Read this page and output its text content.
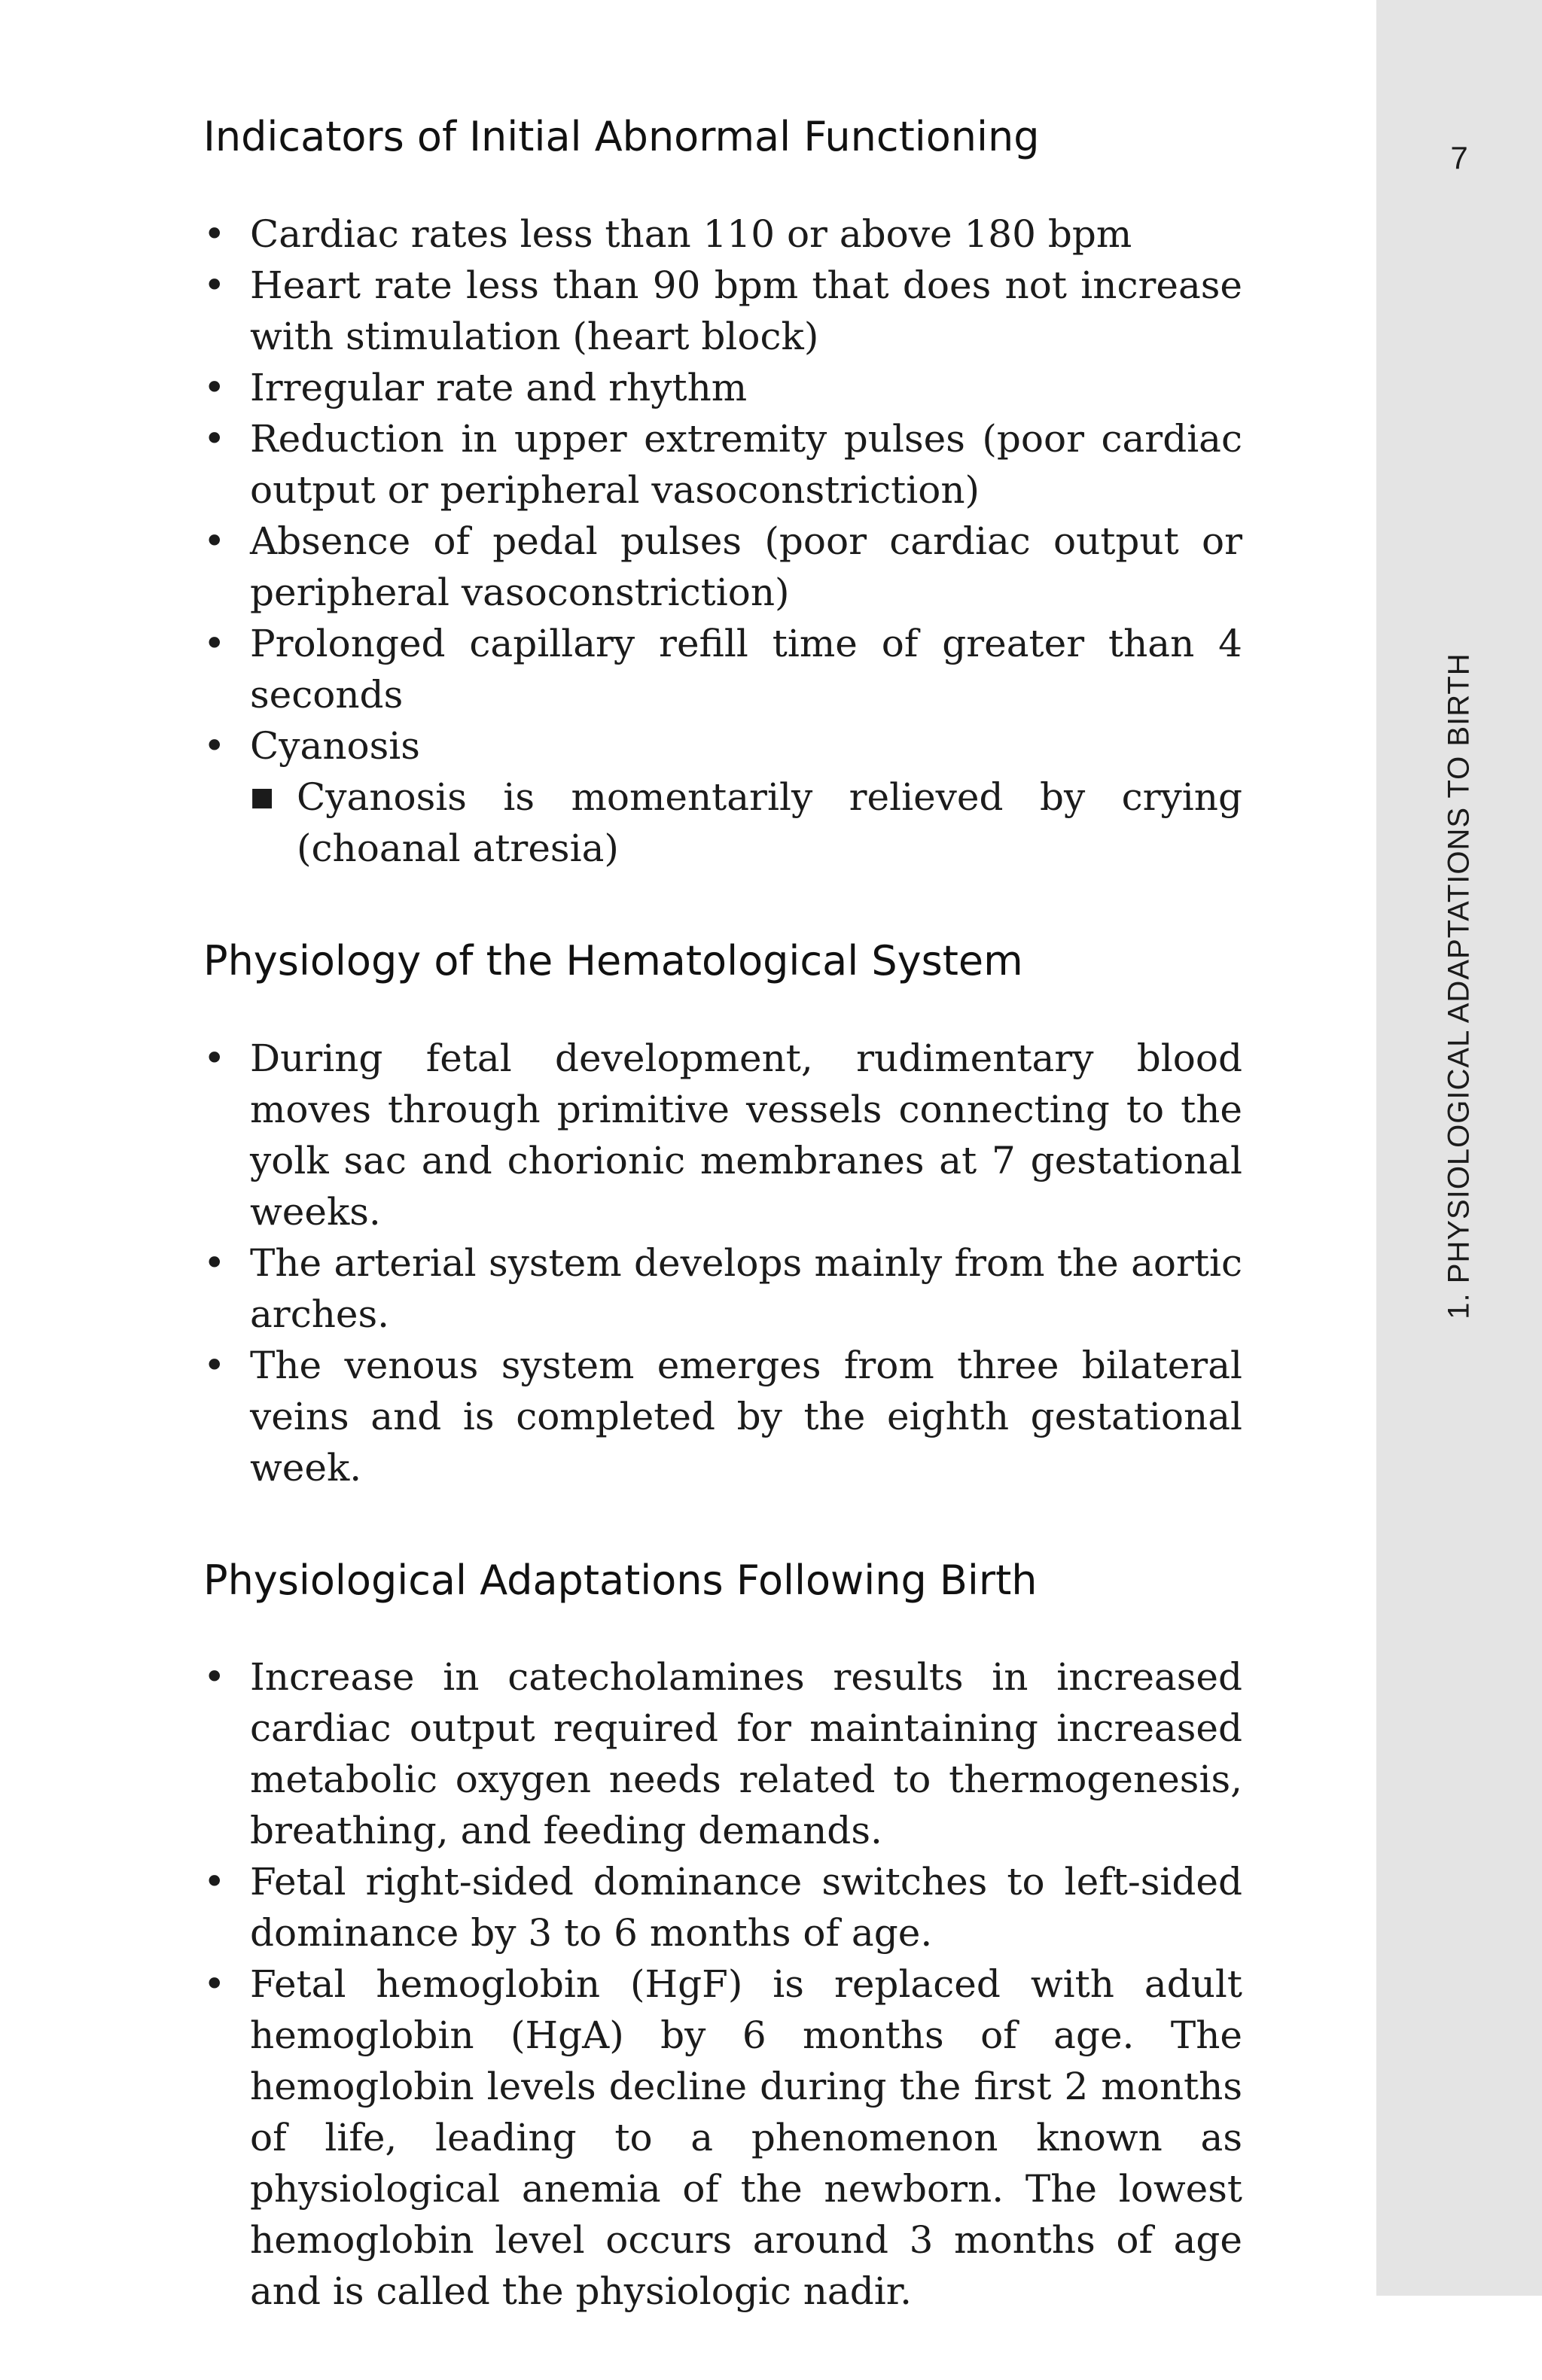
Indicators of Initial Abnormal Functioning
• Cardiac rates less than 110 or above 180 bpm
• Heart rate less than 90 bpm that does not increase with stimulation (heart block)
• Irregular rate and rhythm
• Reduction in upper extremity pulses (poor cardiac output or peripheral vasoconstriction)
• Absence of pedal pulses (poor cardiac output or peripheral vasoconstriction)
• Prolonged capillary refill time of greater than 4 seconds
• Cyanosis
■ Cyanosis is momentarily relieved by crying (choanal atresia)
Physiology of the Hematological System
• During fetal development, rudimentary blood moves through primitive vessels connecting to the yolk sac and chorionic membranes at 7 gestational weeks.
• The arterial system develops mainly from the aortic arches.
• The venous system emerges from three bilateral veins and is completed by the eighth gestational week.
Physiological Adaptations Following Birth
• Increase in catecholamines results in increased cardiac output required for maintaining increased metabolic oxygen needs related to thermogenesis, breathing, and feeding demands.
• Fetal right-sided dominance switches to left-sided dominance by 3 to 6 months of age.
• Fetal hemoglobin (HgF) is replaced with adult hemoglobin (HgA) by 6 months of age. The hemoglobin levels decline during the first 2 months of life, leading to a phenomenon known as physiological anemia of the newborn. The lowest hemoglobin level occurs around 3 months of age and is called the physiologic nadir.
7
1. PHYSIOLOGICAL ADAPTATIONS TO BIRTH
